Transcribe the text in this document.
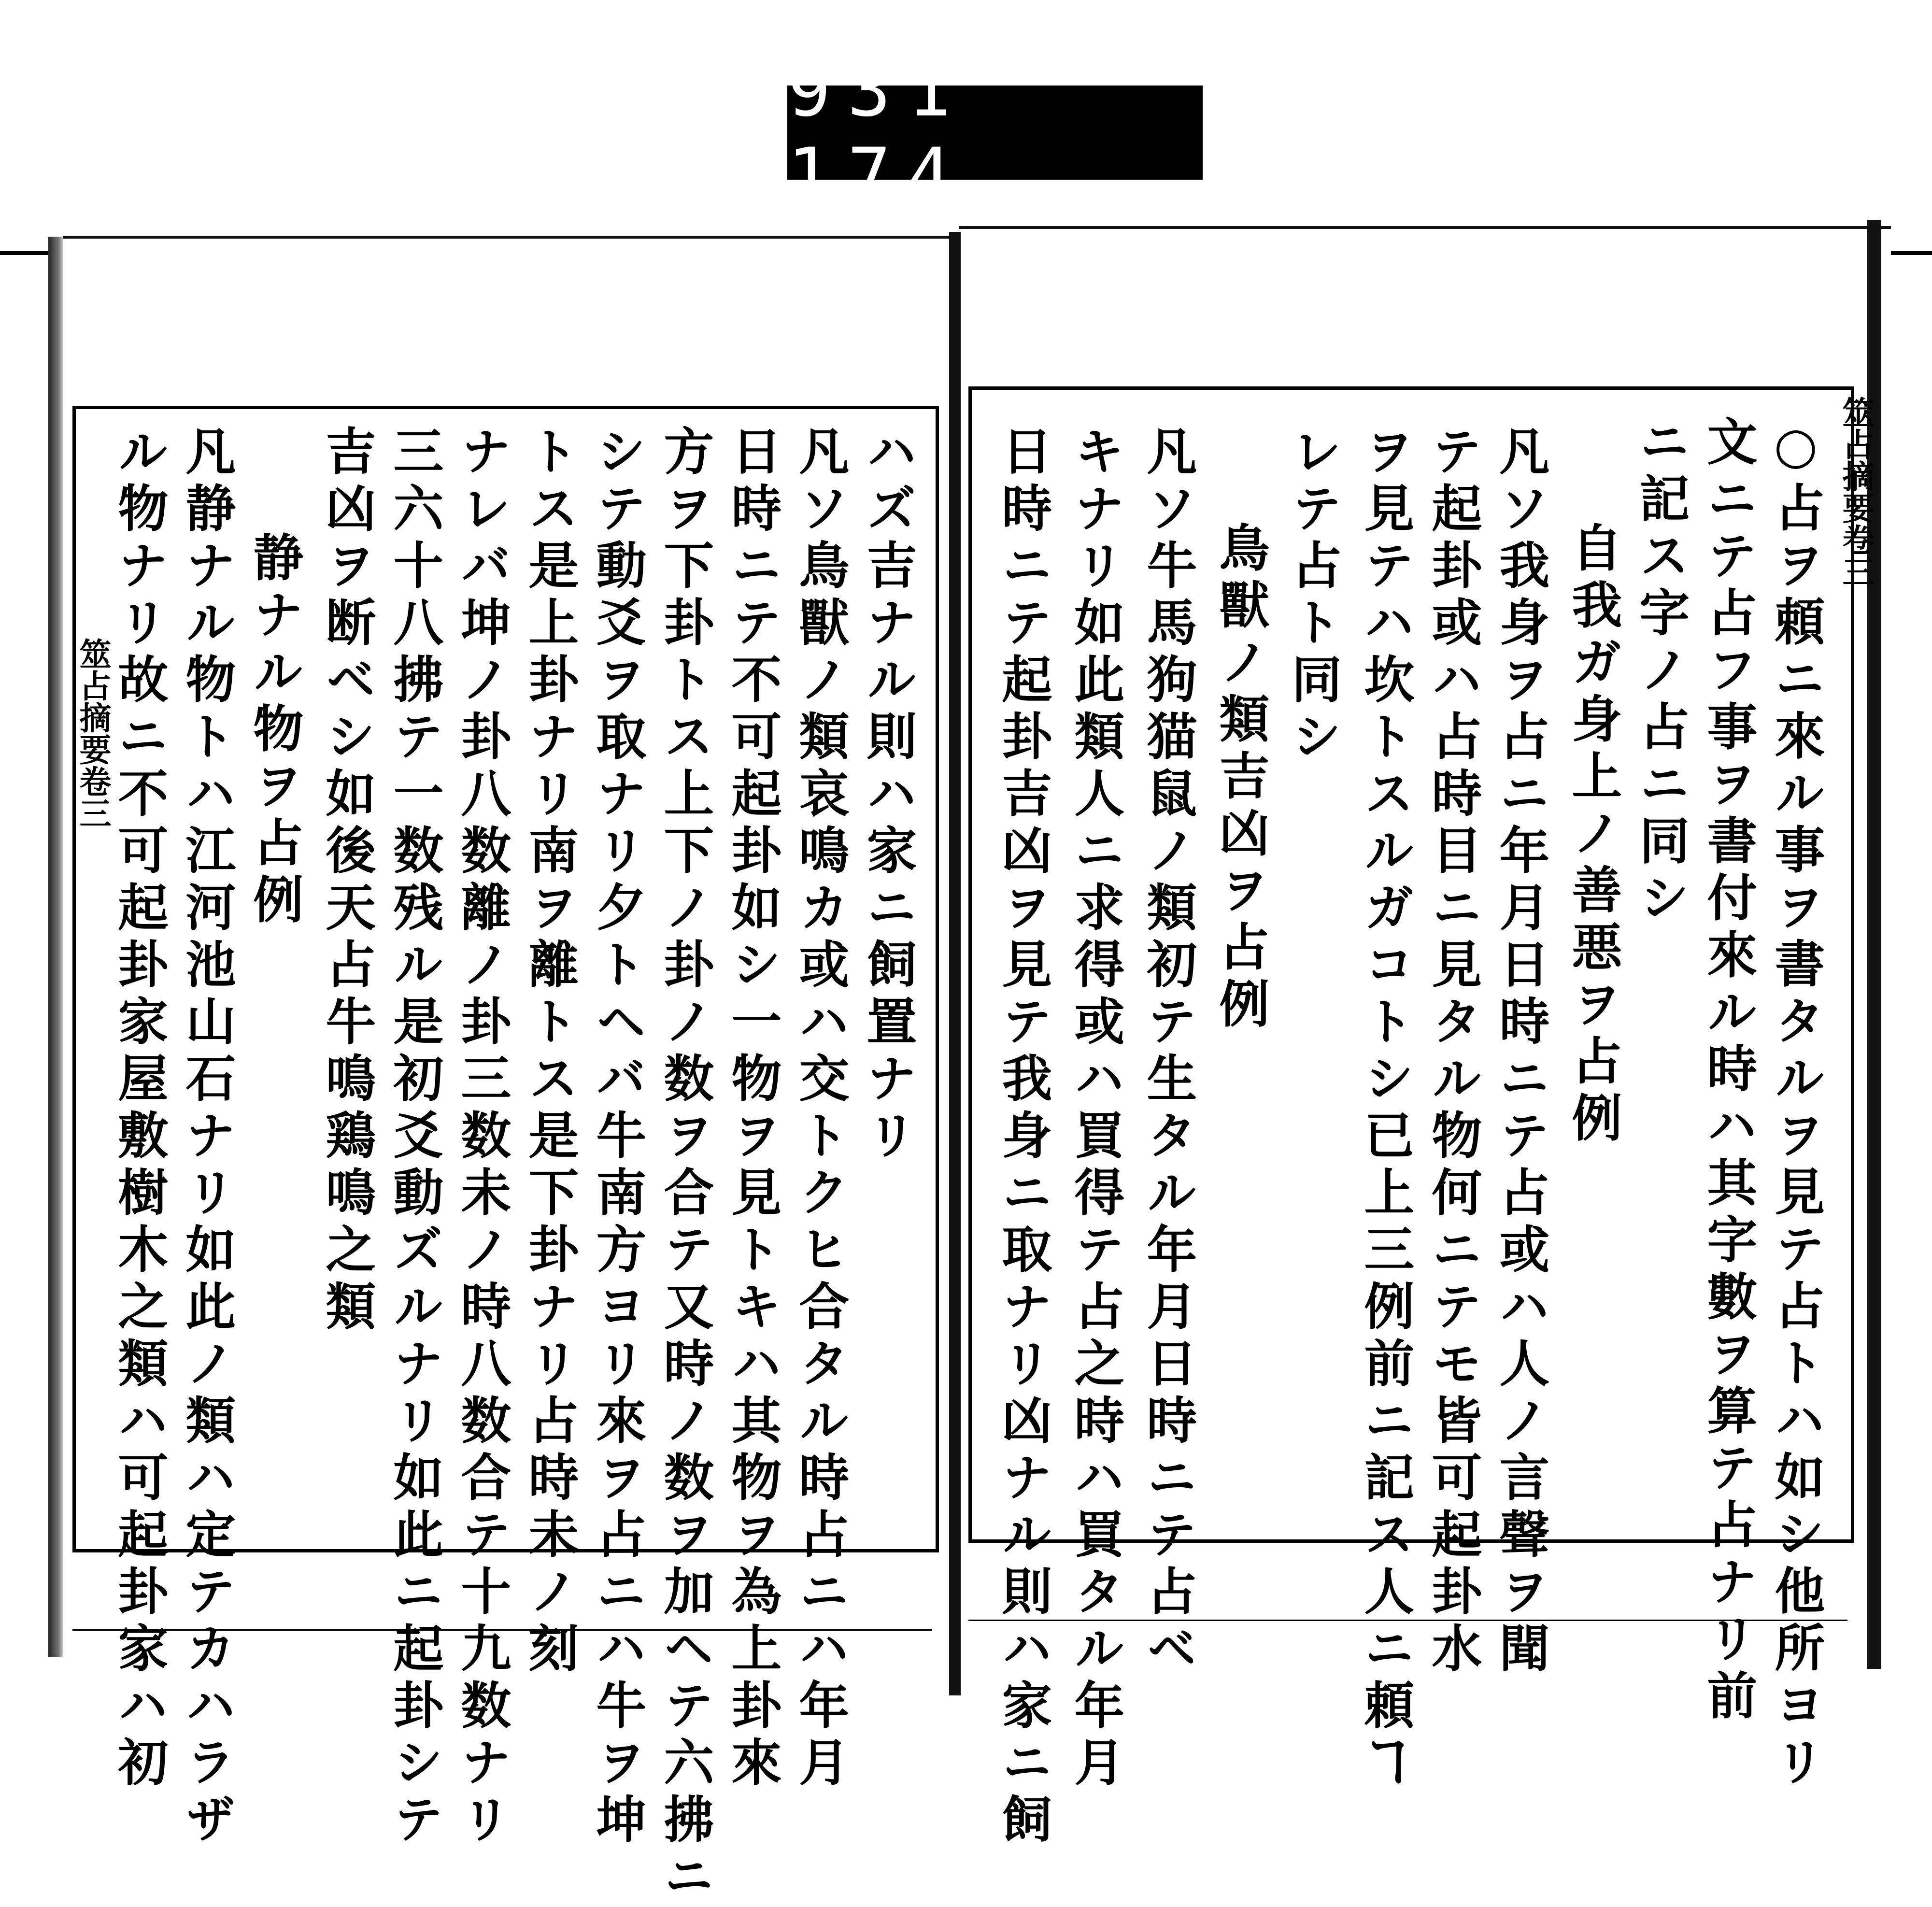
931 174
筮占摘要卷三
○占ヲ頼ニ來ル事ヲ書タルヲ見テ占トハ如シ他所ヨリ
文ニテ占フ事ヲ書付來ル時ハ其字數ヲ算テ占ナリ前
ニ記ス字ノ占ニ同シ
自我ガ身上ノ善悪ヲ占例
凡ソ我身ヲ占ニ年月日時ニテ占或ハ人ノ言聲ヲ聞
テ起卦或ハ占時目ニ見タル物何ニテモ皆可起卦水
ヲ見テハ坎トスルガコトシ已上三例前ニ記ス人ニ頼ヿ
レテ占ト同シ
鳥獸ノ類吉凶ヲ占例
凡ソ牛馬狗猫鼠ノ類初テ生タル年月日時ニテ占ベ
キナリ如此類人ニ求得或ハ買得テ占之時ハ買タル年月
日時ニテ起卦吉凶ヲ見テ我身ニ取ナリ凶ナル則ハ家ニ飼
筮占摘要卷三	ハズ吉ナル則ハ家ニ飼置ナリ
凡ソ鳥獸ノ類哀鳴カ或ハ交トクヒ合タル時占ニハ年月
日時ニテ不可起卦如シ一物ヲ見トキハ其物ヲ為上卦來
方ヲ下卦トス上下ノ卦ノ数ヲ合テ又時ノ数ヲ加ヘテ六拂ニ
シテ動爻ヲ取ナリ夕トヘバ牛南方ヨリ來ヲ占ニハ牛ヲ坤
トス是上卦ナリ南ヲ離トス是下卦ナリ占時未ノ刻
ナレバ坤ノ卦八数離ノ卦三数未ノ時八数合テ十九数ナリ
三六十八拂テ一数残ル是初爻動ズルナリ如此ニ起卦シテ
吉凶ヲ断ベシ如後天占牛鳴鶏鳴之類
静ナル物ヲ占例
凡静ナル物トハ江河池山石ナリ如此ノ類ハ定テカハラザ
ル物ナリ故ニ不可起卦家屋敷樹木之類ハ可起卦家ハ初
